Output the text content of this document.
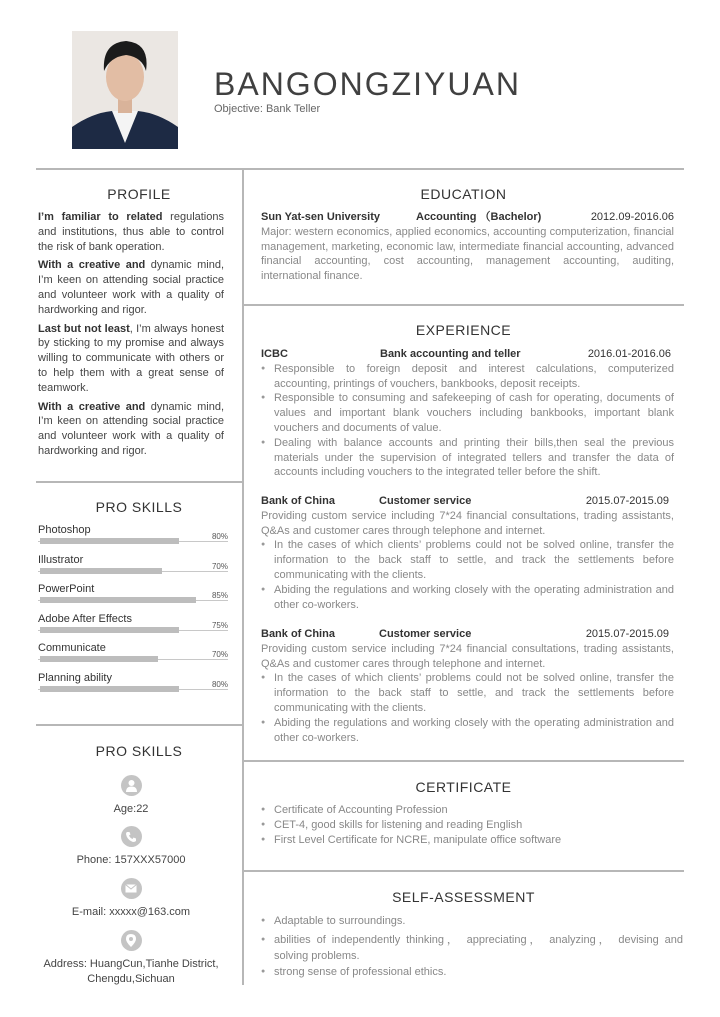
BANGONGZIYUAN
Objective: Bank Teller
PROFILE

I’m familiar to related regulations and institutions, thus able to control the risk of bank operation.

With a creative and dynamic mind, I’m keen on attending social practice and volunteer work with a quality of hardworking and rigor.

Last but not least, I’m always honest by sticking to my promise and always willing to communicate with others or to help them with a great sense of teamwork.

With a creative and dynamic mind, I’m keen on attending social practice and volunteer work with a quality of hardworking and rigor.

PRO SKILLS
Photoshop
80%
Illustrator
70%
PowerPoint
85%
Adobe After Effects
75%
Communicate
70%
Planning ability
80%
PRO SKILLS
Age:22
Phone: 157XXX57000
E-mail: xxxxx@163.com
Address: HuangCun,Tianhe District,
Chengdu,Sichuan
EDUCATION
Sun Yat-sen University	Accounting （Bachelor)	2012.09-2016.06
Major: western economics, applied economics, accounting computerization, financial management, marketing, economic law, intermediate financial accounting, advanced financial accounting, cost accounting, management accounting, auditing, international finance.
EXPERIENCE
ICBC	Bank accounting and teller	2016.01-2016.06
● Responsible to foreign deposit and interest calculations, computerized accounting, printings of vouchers, bankbooks, deposit receipts.
● Responsible to consuming and safekeeping of cash for operating, documents of values and important blank vouchers including bankbooks, important blank vouchers and documents of value.
● Dealing with balance accounts and printing their bills,then seal the previous materials under the supervision of integrated tellers and transfer the data of accounts including vouchers to the integrated teller before the shift.
Bank of China	Customer service	2015.07-2015.09
Providing custom service including 7*24 financial consultations, trading assistants, Q&As and customer cares through telephone and internet.
● In the cases of which clients’ problems could not be solved online, transfer the information to the back staff to settle, and track the settlements before communicating with the clients.
● Abiding the regulations and working closely with the operating administration and other co-workers.
Bank of China	Customer service	2015.07-2015.09
Providing custom service including 7*24 financial consultations, trading assistants, Q&As and customer cares through telephone and internet.
● In the cases of which clients’ problems could not be solved online, transfer the information to the back staff to settle, and track the settlements before communicating with the clients.
● Abiding the regulations and working closely with the operating administration and other co-workers.
CERTIFICATE
● Certificate of Accounting Profession
● CET-4, good skills for listening and reading English
● First Level Certificate for NCRE, manipulate office software
SELF-ASSESSMENT
● Adaptable to surroundings.
● abilities of independently thinking， appreciating， analyzing， devising and solving problems.
● strong sense of professional ethics.
